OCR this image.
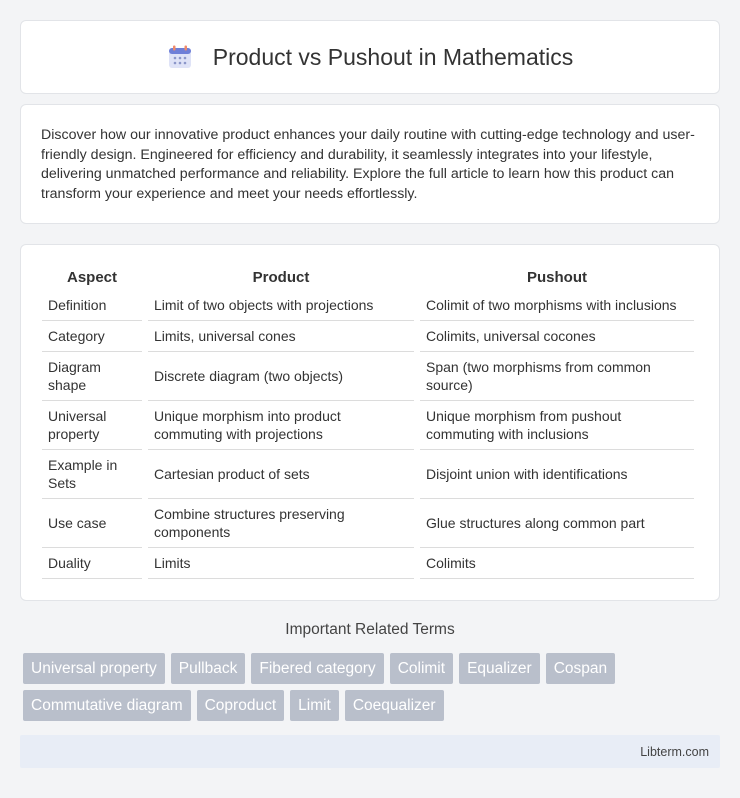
Product vs Pushout in Mathematics

Discover how our innovative product enhances your daily routine with cutting-edge technology and user-friendly design. Engineered for efficiency and durability, it seamlessly integrates into your lifestyle, delivering unmatched performance and reliability. Explore the full article to learn how this product can transform your experience and meet your needs effortlessly.

Aspect	Product	Pushout
Definition	Limit of two objects with projections	Colimit of two morphisms with inclusions
Category	Limits, universal cones	Colimits, universal cocones
Diagram shape	Discrete diagram (two objects)	Span (two morphisms from common source)
Universal property	Unique morphism into product commuting with projections	Unique morphism from pushout commuting with inclusions
Example in Sets	Cartesian product of sets	Disjoint union with identifications
Use case	Combine structures preserving components	Glue structures along common part
Duality	Limits	Colimits
Important Related Terms
Universal property	Pullback	Fibered category	Colimit	Equalizer	Cospan
Commutative diagram	Coproduct	Limit	Coequalizer
Libterm.com
